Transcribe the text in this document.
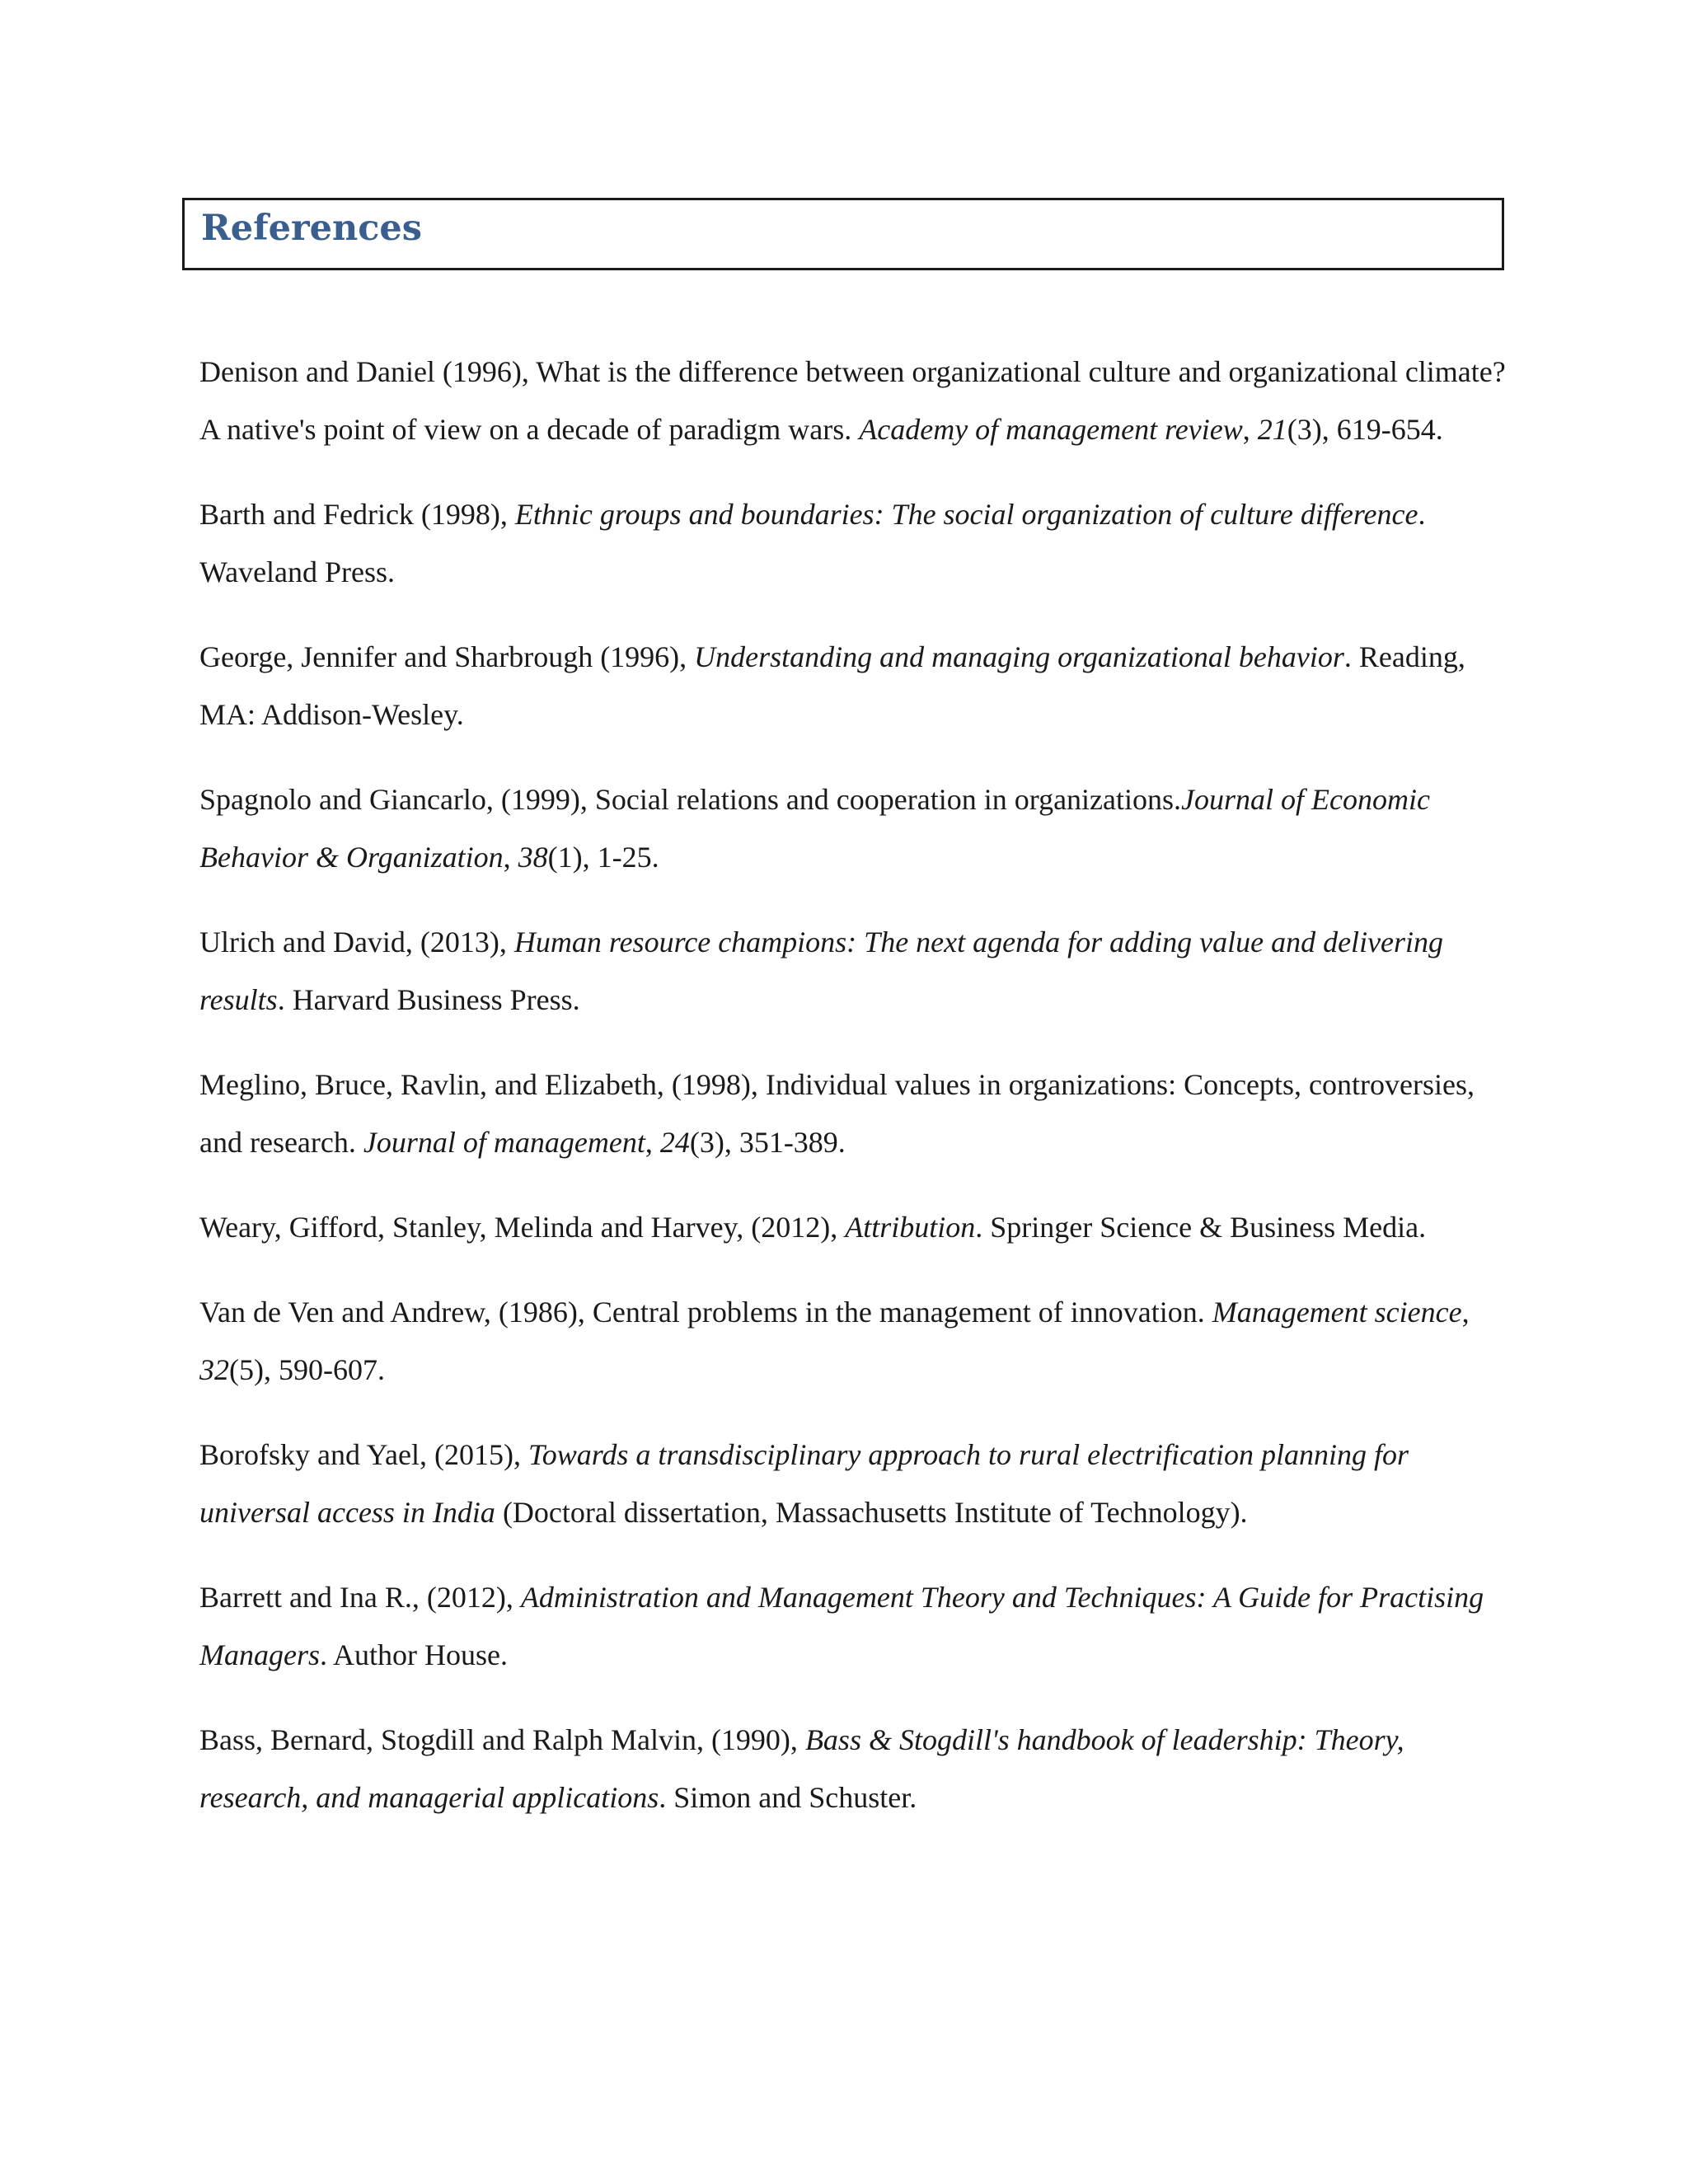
References

Denison and Daniel (1996), What is the difference between organizational culture and organizational climate? A native's point of view on a decade of paradigm wars. Academy of management review, 21(3), 619-654.

Barth and Fedrick (1998), Ethnic groups and boundaries: The social organization of culture difference. Waveland Press.

George, Jennifer and Sharbrough (1996), Understanding and managing organizational behavior. Reading, MA: Addison-Wesley.

Spagnolo and Giancarlo, (1999), Social relations and cooperation in organizations.Journal of Economic Behavior & Organization, 38(1), 1-25.

Ulrich and David, (2013), Human resource champions: The next agenda for adding value and delivering results. Harvard Business Press.

Meglino, Bruce, Ravlin, and Elizabeth, (1998), Individual values in organizations: Concepts, controversies, and research. Journal of management, 24(3), 351-389.

Weary, Gifford, Stanley, Melinda and Harvey, (2012), Attribution. Springer Science & Business Media.

Van de Ven and Andrew, (1986), Central problems in the management of innovation. Management science, 32(5), 590-607.

Borofsky and Yael, (2015), Towards a transdisciplinary approach to rural electrification planning for universal access in India (Doctoral dissertation, Massachusetts Institute of Technology).

Barrett and Ina R., (2012), Administration and Management Theory and Techniques: A Guide for Practising Managers. Author House.

Bass, Bernard, Stogdill and Ralph Malvin, (1990), Bass & Stogdill's handbook of leadership: Theory, research, and managerial applications. Simon and Schuster.
